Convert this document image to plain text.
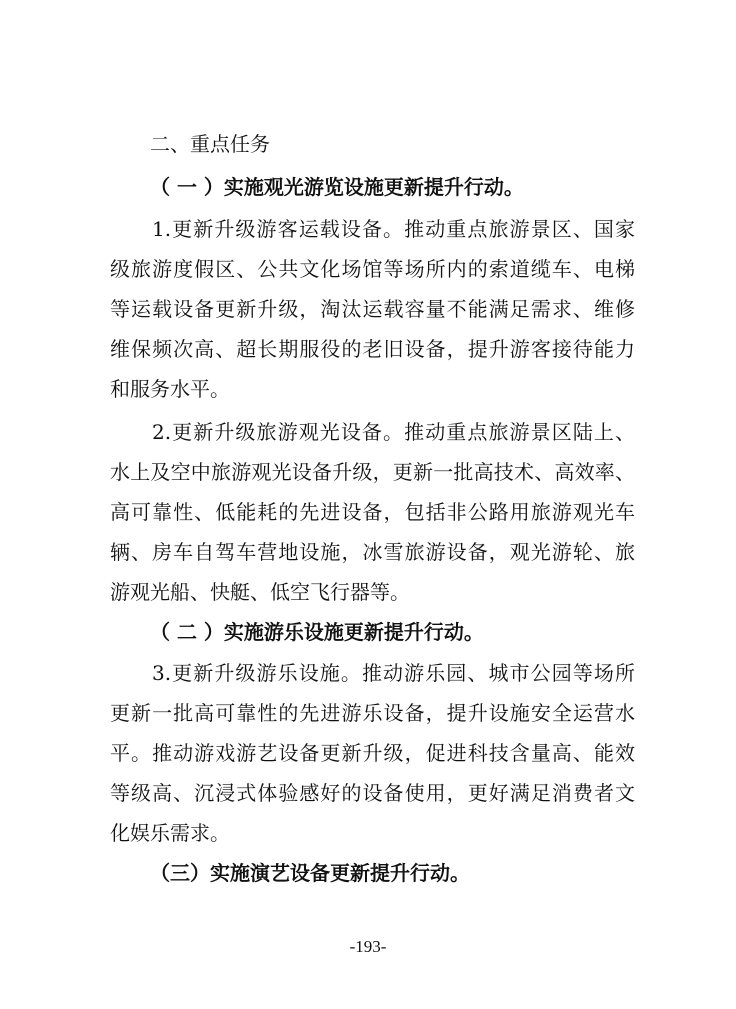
二、重点任务

（ 一 ）实施观光游览设施更新提升行动。

1.更新升级游客运载设备。推动重点旅游景区、国家

级旅游度假区、公共文化场馆等场所内的索道缆车、电梯

等运载设备更新升级，淘汰运载容量不能满足需求、维修

维保频次高、超长期服役的老旧设备，提升游客接待能力

和服务水平。

2.更新升级旅游观光设备。推动重点旅游景区陆上、

水上及空中旅游观光设备升级，更新一批高技术、高效率、

高可靠性、低能耗的先进设备，包括非公路用旅游观光车

辆、房车自驾车营地设施，冰雪旅游设备，观光游轮、旅

游观光船、快艇、低空飞行器等。

（ 二 ）实施游乐设施更新提升行动。

3.更新升级游乐设施。推动游乐园、城市公园等场所

更新一批高可靠性的先进游乐设备，提升设施安全运营水

平。推动游戏游艺设备更新升级，促进科技含量高、能效

等级高、沉浸式体验感好的设备使用，更好满足消费者文

化娱乐需求。

（三）实施演艺设备更新提升行动。

-193-
